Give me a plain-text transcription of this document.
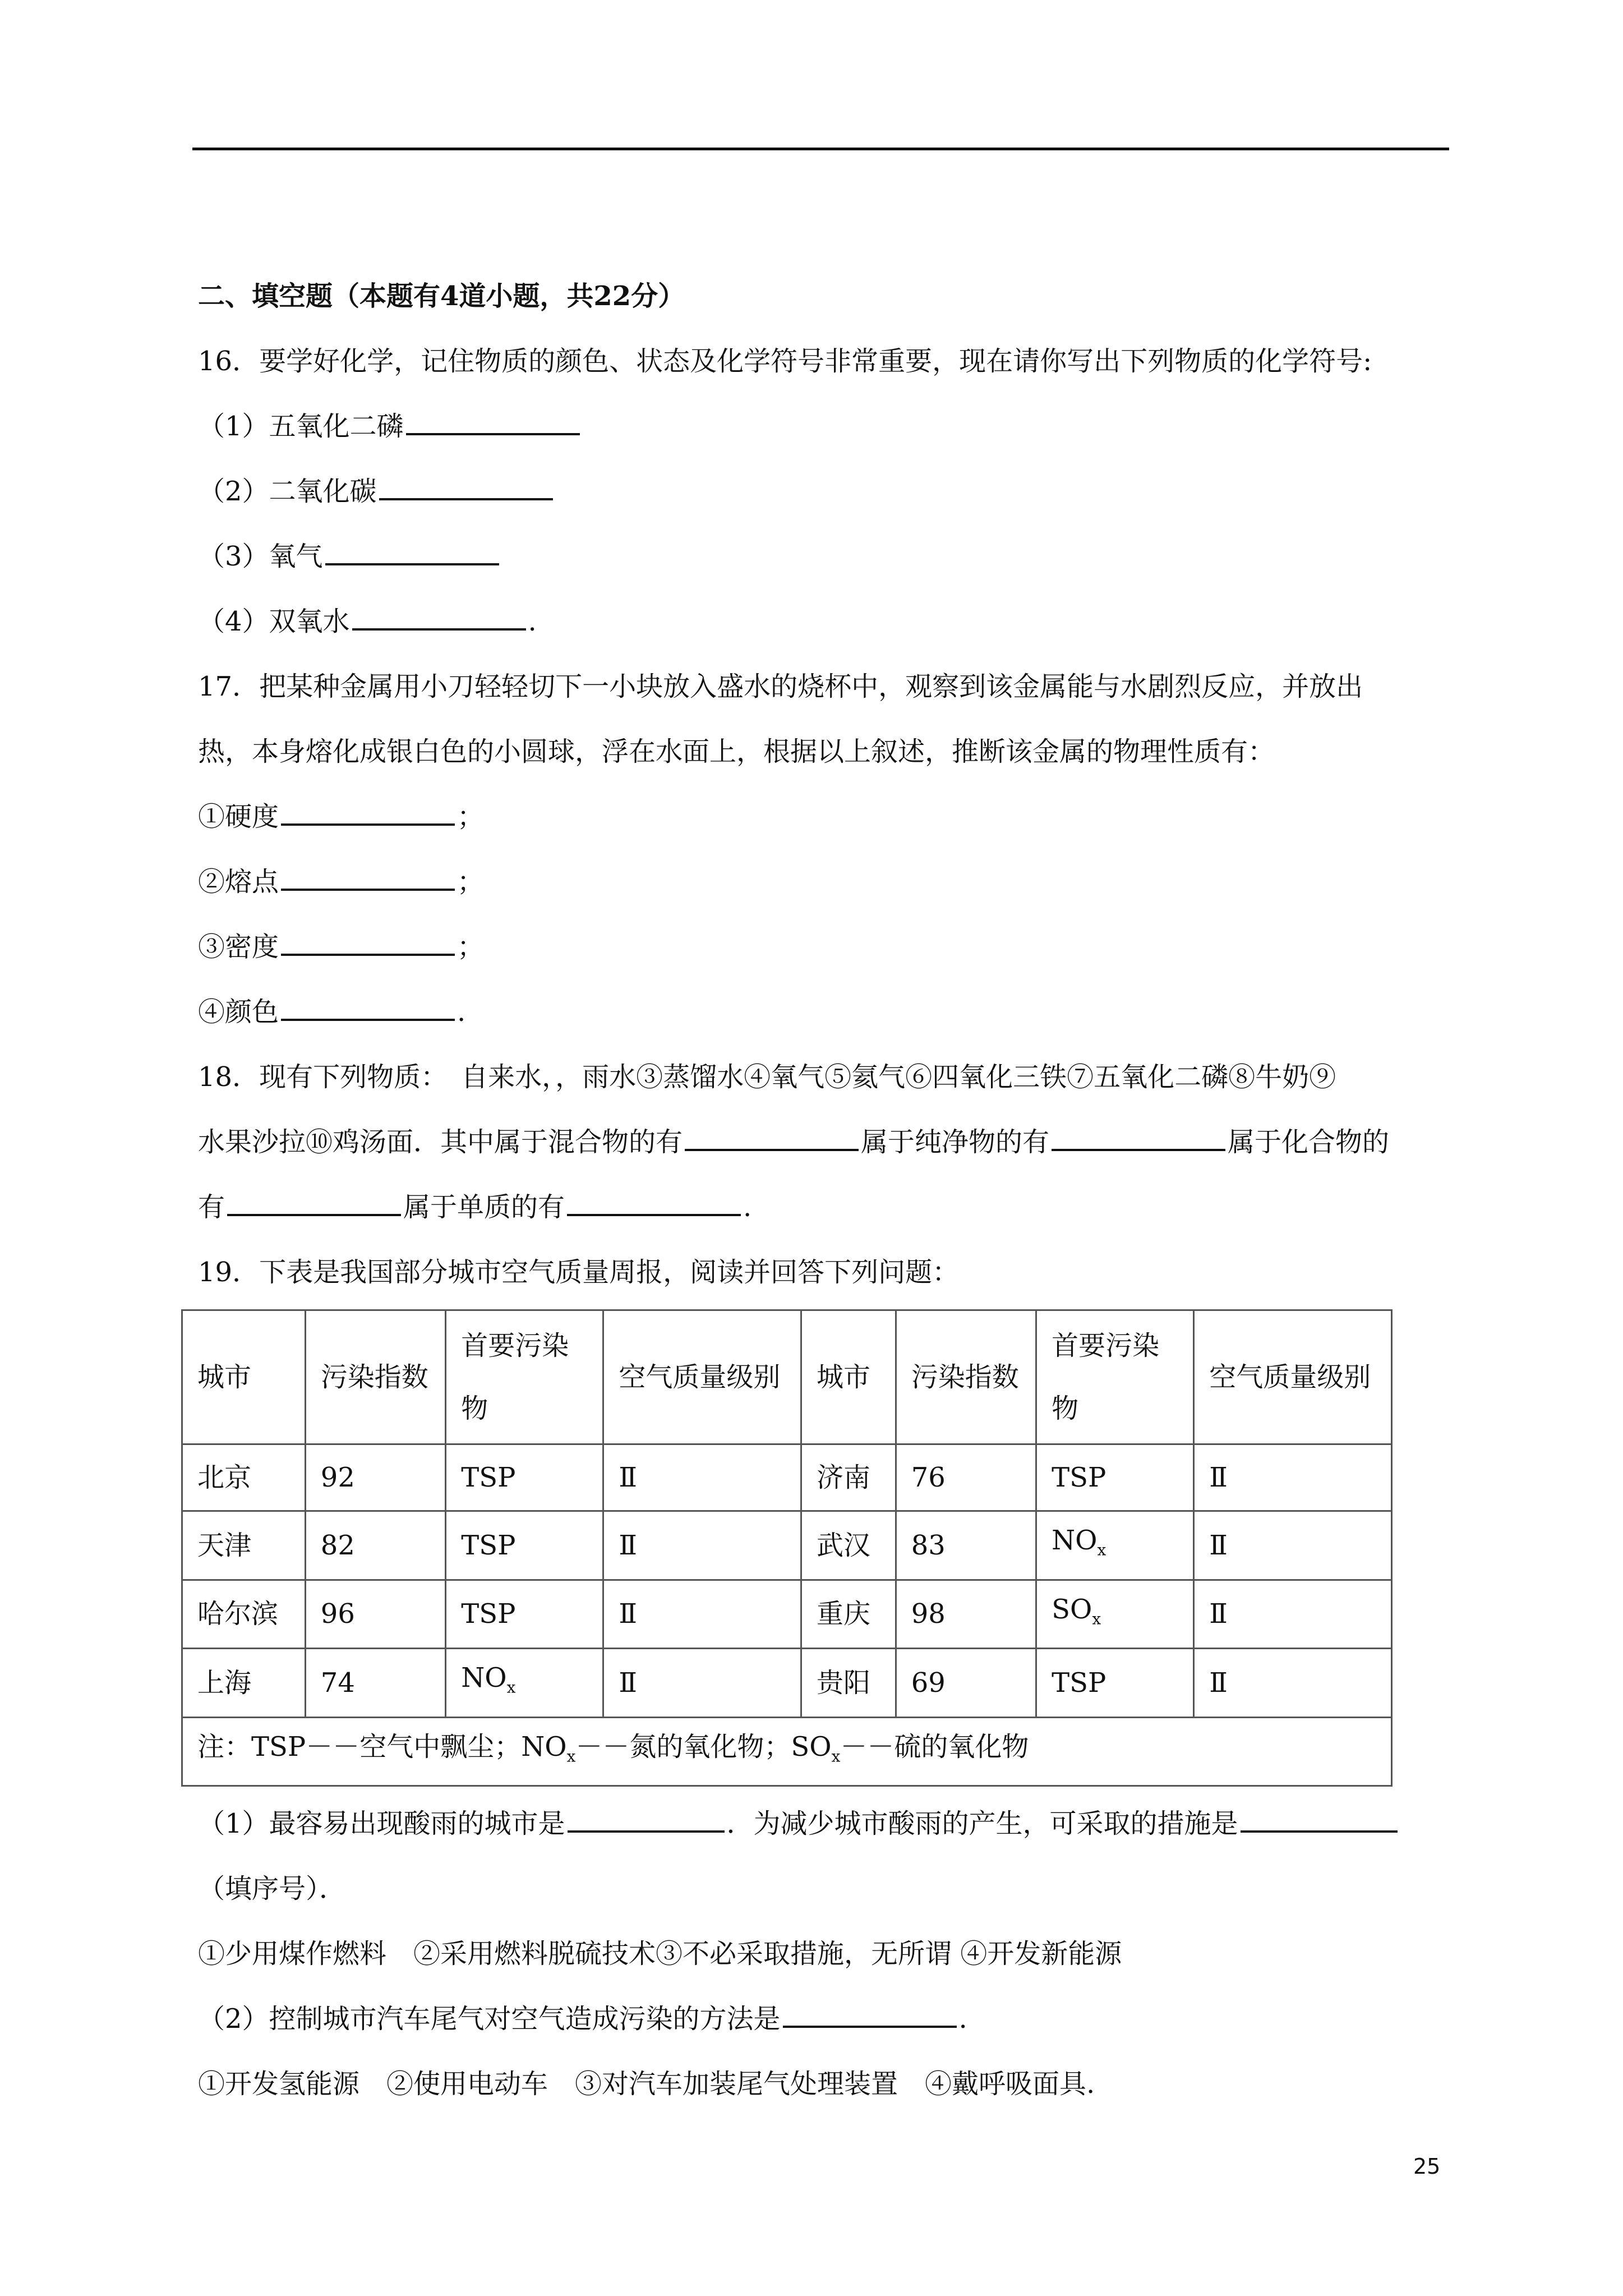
二、填空题（本题有4道小题，共22分）
16．要学好化学，记住物质的颜色、状态及化学符号非常重要，现在请你写出下列物质的化学符号:
（1）五氧化二磷
（2）二氧化碳
（3）氧气
（4）双氧水	.
17．把某种金属用小刀轻轻切下一小块放入盛水的烧杯中，观察到该金属能与水剧烈反应，并放出
热，本身熔化成银白色的小圆球，浮在水面上，根据以上叙述，推断该金属的物理性质有：
①硬度	；
②熔点	；
③密度	；
④颜色	.
18．现有下列物质：　自来水，，雨水③蒸馏水④氧气⑤氦气⑥四氧化三铁⑦五氧化二磷⑧牛奶⑨
水果沙拉⑩鸡汤面．其中属于混合物的有	属于纯净物的有	属于化合物的
有	属于单质的有	.
19．下表是我国部分城市空气质量周报，阅读并回答下列问题：
城市	污染指数	首要污染物	空气质量级别	城市	污染指数	首要污染物	空气质量级别
北京	92	TSP	Ⅱ	济南	76	TSP	Ⅱ
天津	82	TSP	Ⅱ	武汉	83	$NO_x$	Ⅱ
哈尔滨	96	TSP	Ⅱ	重庆	98	$SO_x$	Ⅱ
上海	74	$NO_x$	Ⅱ	贵阳	69	TSP	Ⅱ
注：TSP－－空气中飘尘；$NO_x--$氮的氧化物；$SO_x--$硫的氧化物							
（1）最容易出现酸雨的城市是	．为减少城市酸雨的产生，可采取的措施是
（填序号）．
①少用煤作燃料　②采用燃料脱硫技术③不必采取措施，无所谓 ④开发新能源
（2）控制城市汽车尾气对空气造成污染的方法是	.
①开发氢能源　②使用电动车　③对汽车加装尾气处理装置　④戴呼吸面具.
25
